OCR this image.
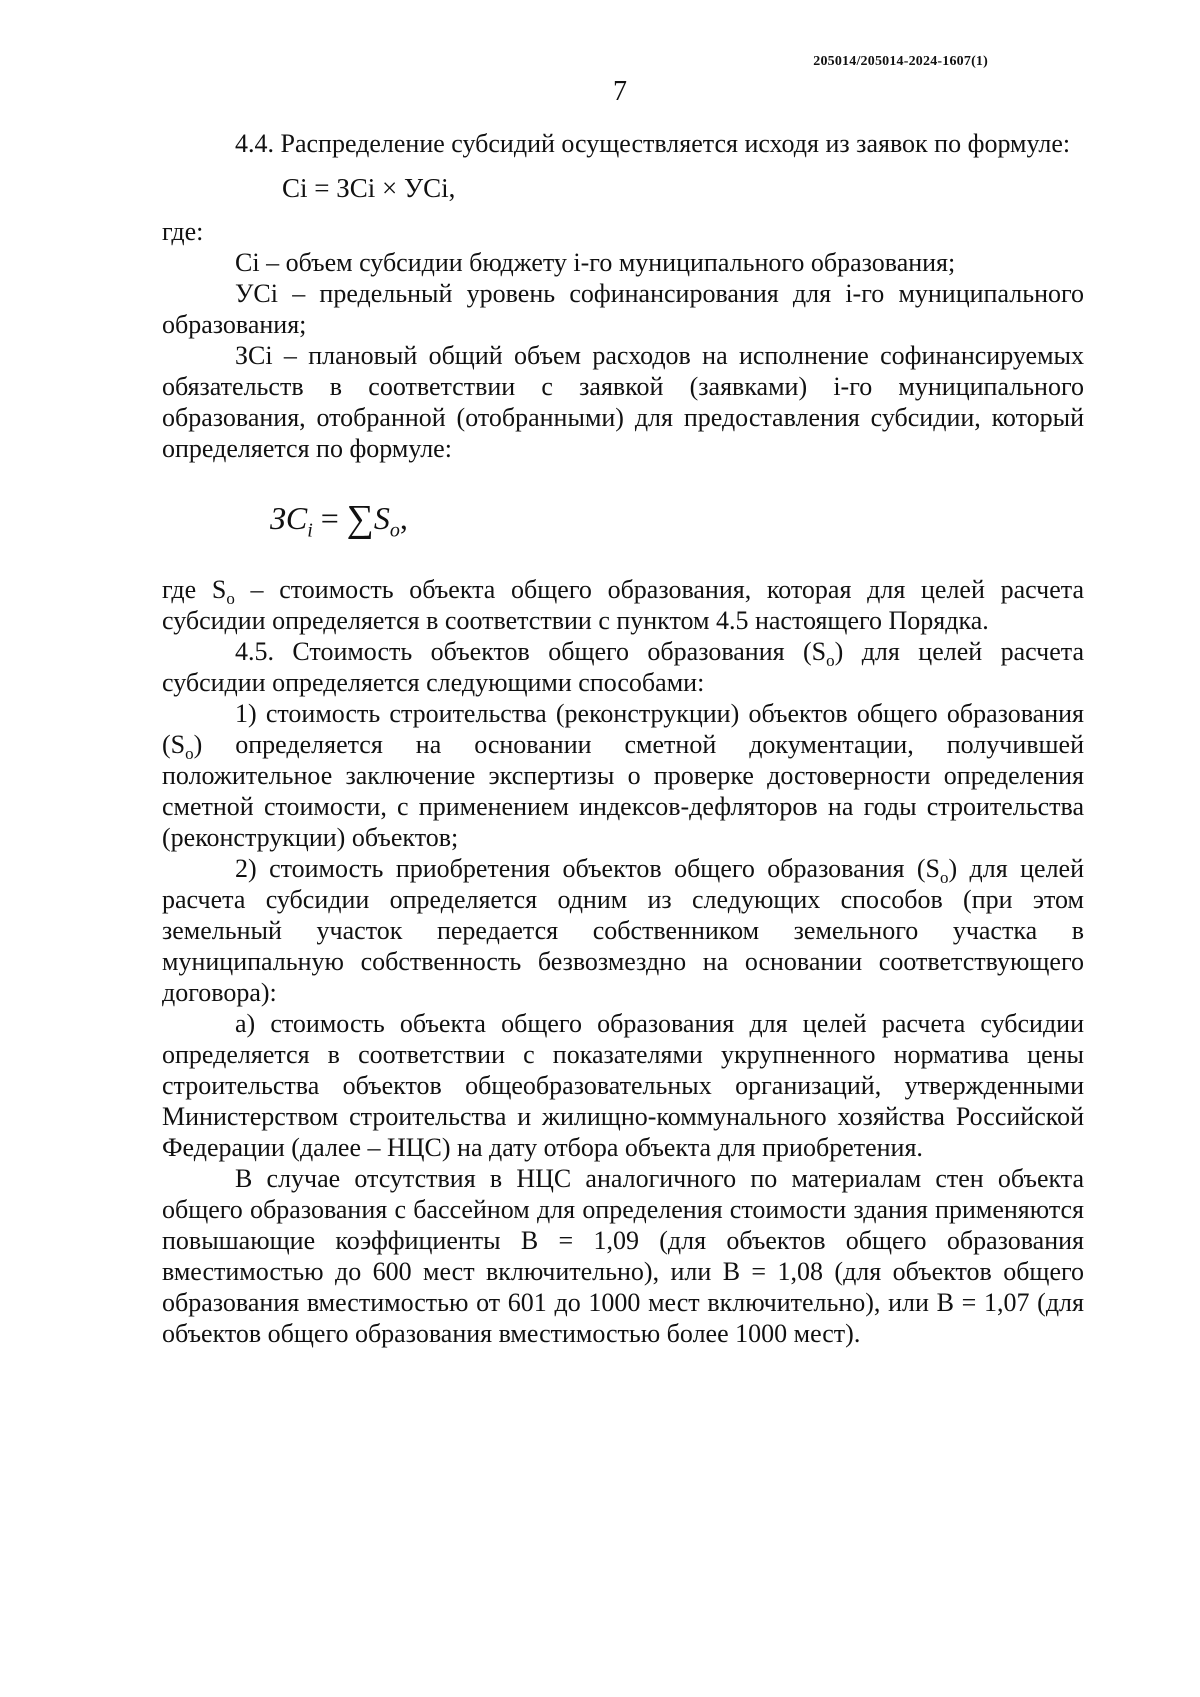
205014/205014-2024-1607(1)
7

4.4. Распределение субсидий осуществляется исходя из заявок по формуле:

Ci = ЗCi × УCi,

где:

Ci – объем субсидии бюджету i-го муниципального образования;

УCi – предельный уровень софинансирования для i-го муниципального образования;

ЗCi – плановый общий объем расходов на исполнение софинансируемых обязательств в соответствии с заявкой (заявками) i-го муниципального образования, отобранной (отобранными) для предоставления субсидии, который определяется по формуле:

$ЗC_i = \sum S_o$,

где $S_o$ – стоимость объекта общего образования, которая для целей расчета субсидии определяется в соответствии с пунктом 4.5 настоящего Порядка.

4.5. Стоимость объектов общего образования $(S_o)$ для целей расчета субсидии определяется следующими способами:

1) стоимость строительства (реконструкции) объектов общего образования $(S_o)$ определяется на основании сметной документации, получившей положительное заключение экспертизы о проверке достоверности определения сметной стоимости, с применением индексов-дефляторов на годы строительства (реконструкции) объектов;

2) стоимость приобретения объектов общего образования $(S_o)$ для целей расчета субсидии определяется одним из следующих способов (при этом земельный участок передается собственником земельного участка в муниципальную собственность безвозмездно на основании соответствующего договора):

а) стоимость объекта общего образования для целей расчета субсидии определяется в соответствии с показателями укрупненного норматива цены строительства объектов общеобразовательных организаций, утвержденными Министерством строительства и жилищно-коммунального хозяйства Российской Федерации (далее – НЦС) на дату отбора объекта для приобретения.

В случае отсутствия в НЦС аналогичного по материалам стен объекта общего образования с бассейном для определения стоимости здания применяются повышающие коэффициенты В = 1,09 (для объектов общего образования вместимостью до 600 мест включительно), или В = 1,08 (для объектов общего образования вместимостью от 601 до 1000 мест включительно), или В = 1,07 (для объектов общего образования вместимостью более 1000 мест).
